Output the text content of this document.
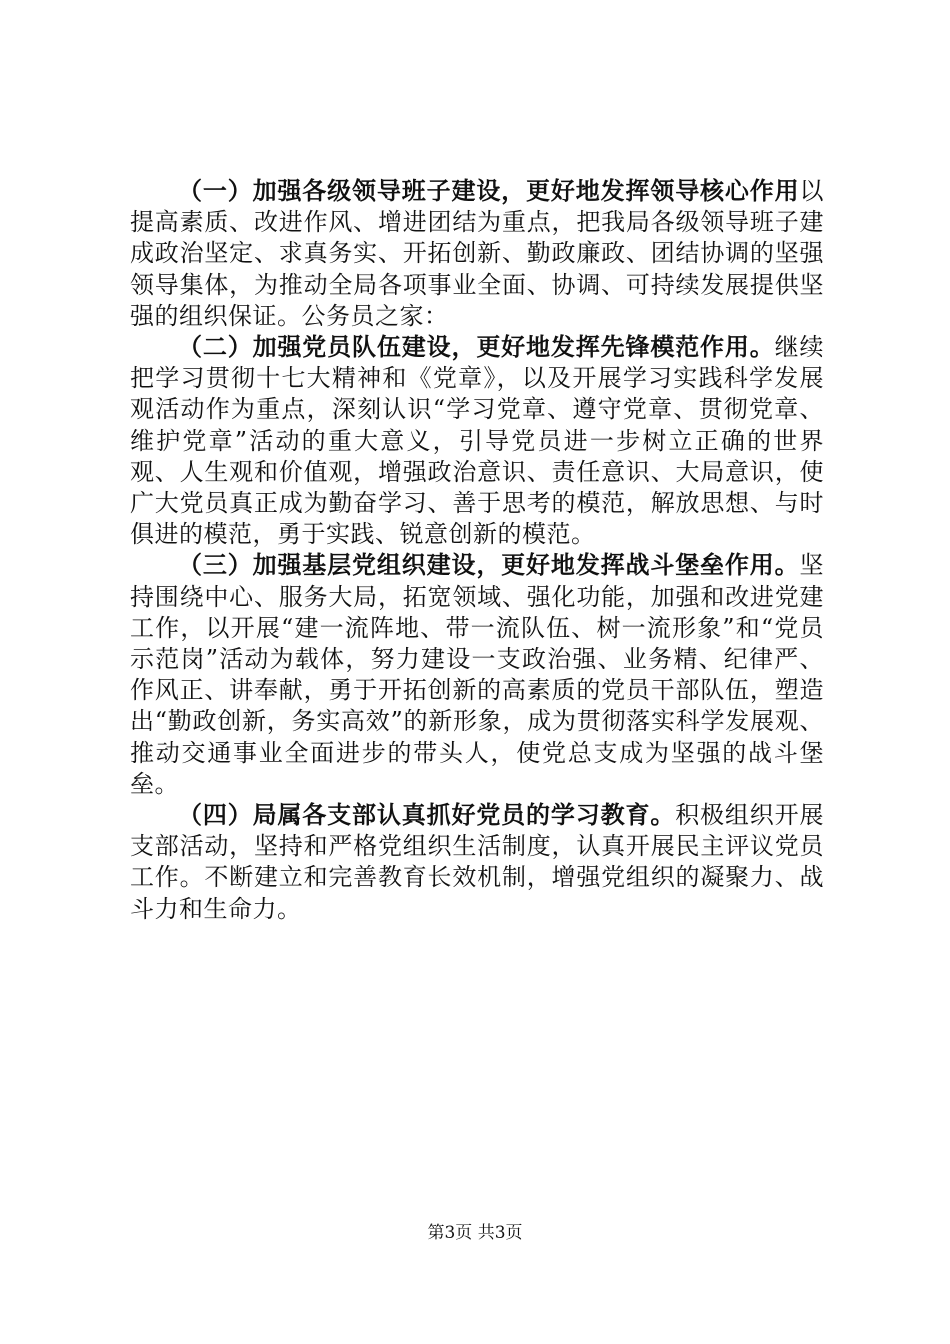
（一）加强各级领导班子建设，更好地发挥领导核心作用以提高素质、改进作风、增进团结为重点，把我局各级领导班子建成政治坚定、求真务实、开拓创新、勤政廉政、团结协调的坚强领导集体，为推动全局各项事业全面、协调、可持续发展提供坚强的组织保证。公务员之家：

（二）加强党员队伍建设，更好地发挥先锋模范作用。继续把学习贯彻十七大精神和《党章》，以及开展学习实践科学发展观活动作为重点，深刻认识“学习党章、遵守党章、贯彻党章、维护党章”活动的重大意义，引导党员进一步树立正确的世界观、人生观和价值观，增强政治意识、责任意识、大局意识，使广大党员真正成为勤奋学习、善于思考的模范，解放思想、与时俱进的模范，勇于实践、锐意创新的模范。

（三）加强基层党组织建设，更好地发挥战斗堡垒作用。坚持围绕中心、服务大局，拓宽领域、强化功能，加强和改进党建工作，以开展“建一流阵地、带一流队伍、树一流形象”和“党员示范岗”活动为载体，努力建设一支政治强、业务精、纪律严、作风正、讲奉献，勇于开拓创新的高素质的党员干部队伍，塑造出“勤政创新，务实高效”的新形象，成为贯彻落实科学发展观、推动交通事业全面进步的带头人，使党总支成为坚强的战斗堡垒。

（四）局属各支部认真抓好党员的学习教育。积极组织开展支部活动，坚持和严格党组织生活制度，认真开展民主评议党员工作。不断建立和完善教育长效机制，增强党组织的凝聚力、战斗力和生命力。

第3页 共3页
